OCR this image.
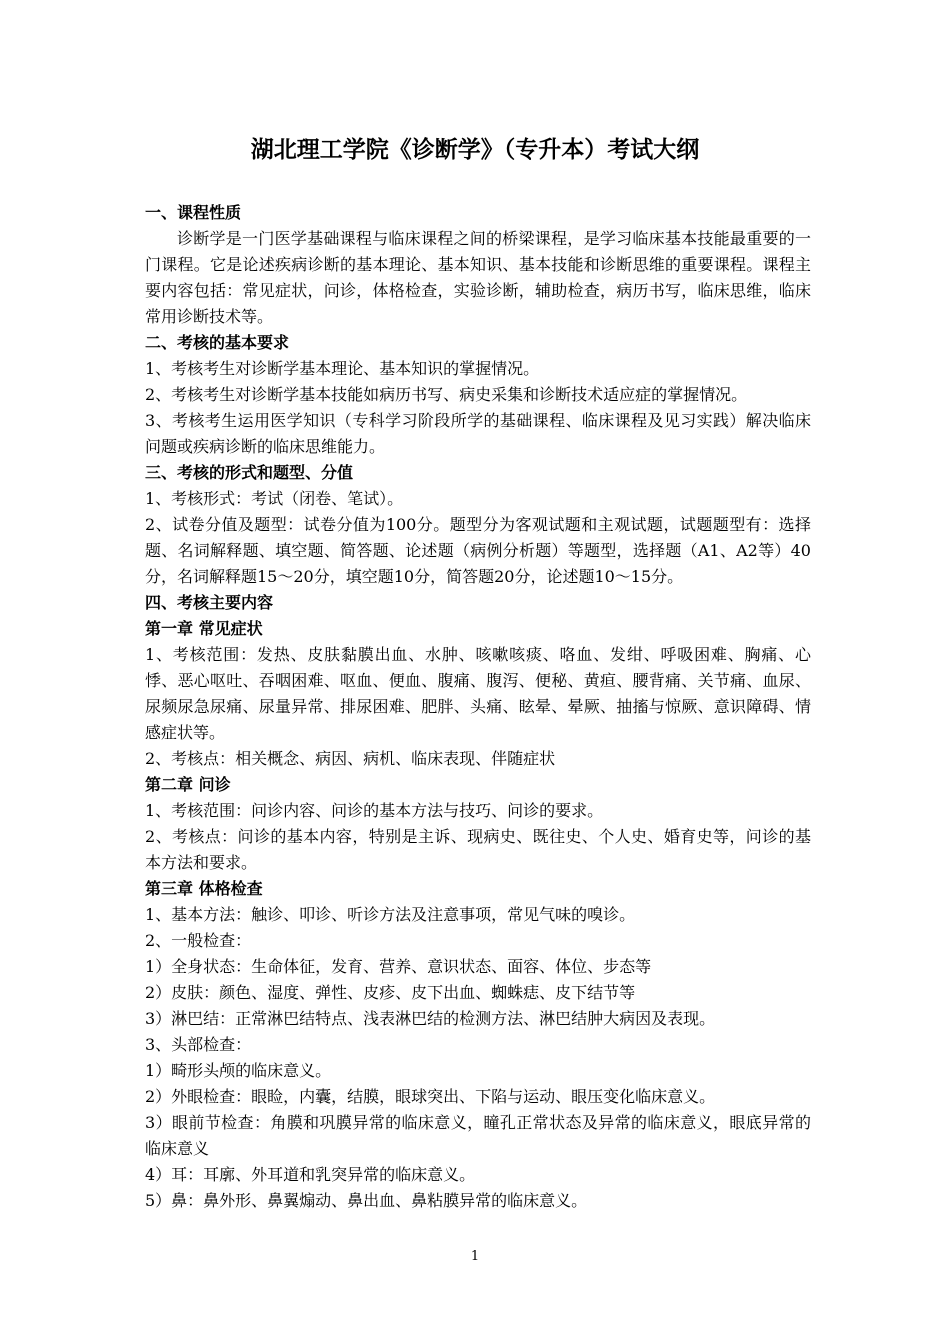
湖北理工学院《诊断学》（专升本）考试大纲

一、课程性质

诊断学是一门医学基础课程与临床课程之间的桥梁课程，是学习临床基本技能最重要的一门课程。它是论述疾病诊断的基本理论、基本知识、基本技能和诊断思维的重要课程。课程主要内容包括：常见症状，问诊，体格检查，实验诊断，辅助检查，病历书写，临床思维，临床常用诊断技术等。

二、考核的基本要求

1、考核考生对诊断学基本理论、基本知识的掌握情况。

2、考核考生对诊断学基本技能如病历书写、病史采集和诊断技术适应症的掌握情况。

3、考核考生运用医学知识（专科学习阶段所学的基础课程、临床课程及见习实践）解决临床问题或疾病诊断的临床思维能力。

三、考核的形式和题型、分值

1、考核形式：考试（闭卷、笔试）。

2、试卷分值及题型：试卷分值为100分。题型分为客观试题和主观试题，试题题型有：选择题、名词解释题、填空题、简答题、论述题（病例分析题）等题型，选择题（A1、A2等）40分，名词解释题15～20分，填空题10分，简答题20分，论述题10～15分。

四、考核主要内容

第一章 常见症状

1、考核范围：发热、皮肤黏膜出血、水肿、咳嗽咳痰、咯血、发绀、呼吸困难、胸痛、心悸、恶心呕吐、吞咽困难、呕血、便血、腹痛、腹泻、便秘、黄疸、腰背痛、关节痛、血尿、尿频尿急尿痛、尿量异常、排尿困难、肥胖、头痛、眩晕、晕厥、抽搐与惊厥、意识障碍、情感症状等。

2、考核点：相关概念、病因、病机、临床表现、伴随症状

第二章 问诊

1、考核范围：问诊内容、问诊的基本方法与技巧、问诊的要求。

2、考核点：问诊的基本内容，特别是主诉、现病史、既往史、个人史、婚育史等，问诊的基本方法和要求。

第三章 体格检查

1、基本方法：触诊、叩诊、听诊方法及注意事项，常见气味的嗅诊。

2、一般检查：

1）全身状态：生命体征，发育、营养、意识状态、面容、体位、步态等

2）皮肤：颜色、湿度、弹性、皮疹、皮下出血、蜘蛛痣、皮下结节等

3）淋巴结：正常淋巴结特点、浅表淋巴结的检测方法、淋巴结肿大病因及表现。

3、头部检查：

1）畸形头颅的临床意义。

2）外眼检查：眼睑，内囊，结膜，眼球突出、下陷与运动、眼压变化临床意义。

3）眼前节检查：角膜和巩膜异常的临床意义，瞳孔正常状态及异常的临床意义，眼底异常的临床意义

4）耳：耳廓、外耳道和乳突异常的临床意义。

5）鼻：鼻外形、鼻翼煽动、鼻出血、鼻粘膜异常的临床意义。

1
